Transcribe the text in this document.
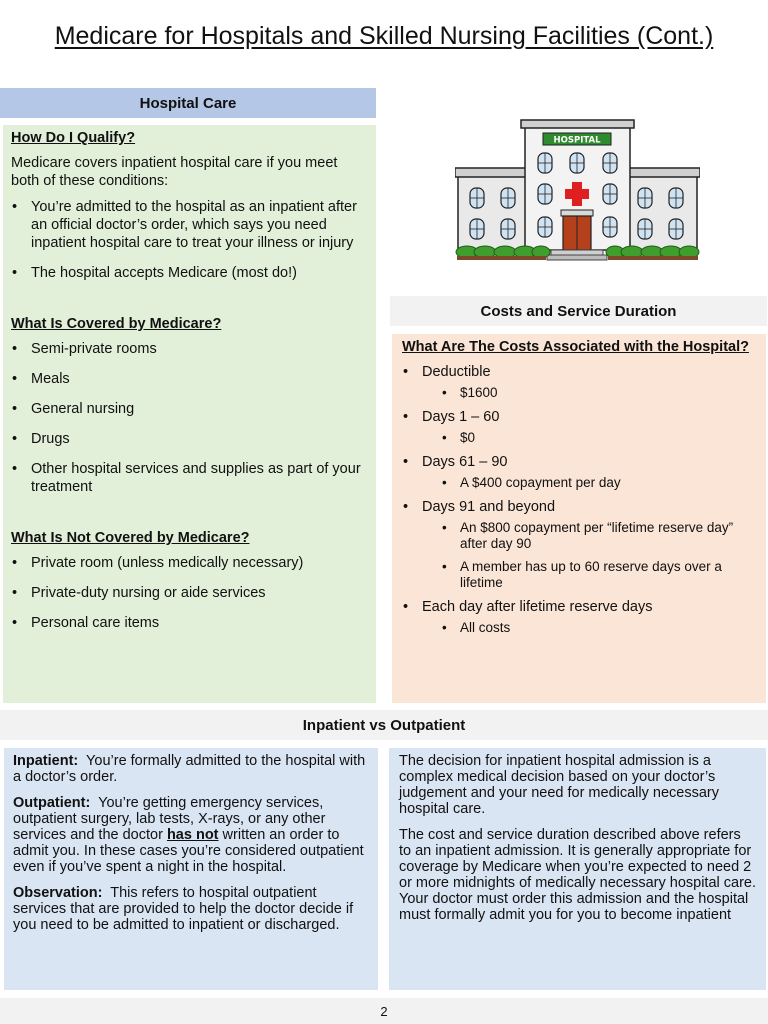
Medicare for Hospitals and Skilled Nursing Facilities (Cont.)
Hospital Care
How Do I Qualify?
Medicare covers inpatient hospital care if you meet both of these conditions:
• You’re admitted to the hospital as an inpatient after an official doctor’s order, which says you need inpatient hospital care to treat your illness or injury
• The hospital accepts Medicare (most do!)
What Is Covered by Medicare?
• Semi-private rooms
• Meals
• General nursing
• Drugs
• Other hospital services and supplies as part of your treatment
What Is Not Covered by Medicare?
• Private room (unless medically necessary)
• Private-duty nursing or aide services
• Personal care items
HOSPITAL
Costs and Service Duration
What Are The Costs Associated with the Hospital?
• Deductible
• $1600
• Days 1 – 60
• $0
• Days 61 – 90
• A $400 copayment per day
• Days 91 and beyond
• An $800 copayment per “lifetime reserve day” after day 90
• A member has up to 60 reserve days over a lifetime
• Each day after lifetime reserve days
• All costs
Inpatient vs Outpatient

Inpatient: You’re formally admitted to the hospital with a doctor’s order.

Outpatient: You’re getting emergency services, outpatient surgery, lab tests, X-rays, or any other services and the doctor has not written an order to admit you. In these cases you’re considered outpatient even if you’ve spent a night in the hospital.

Observation: This refers to hospital outpatient services that are provided to help the doctor decide if you need to be admitted to inpatient or discharged.

The decision for inpatient hospital admission is a complex medical decision based on your doctor’s judgement and your need for medically necessary hospital care.

The cost and service duration described above refers to an inpatient admission. It is generally appropriate for coverage by Medicare when you’re expected to need 2 or more midnights of medically necessary hospital care. Your doctor must order this admission and the hospital must formally admit you for you to become inpatient

2
